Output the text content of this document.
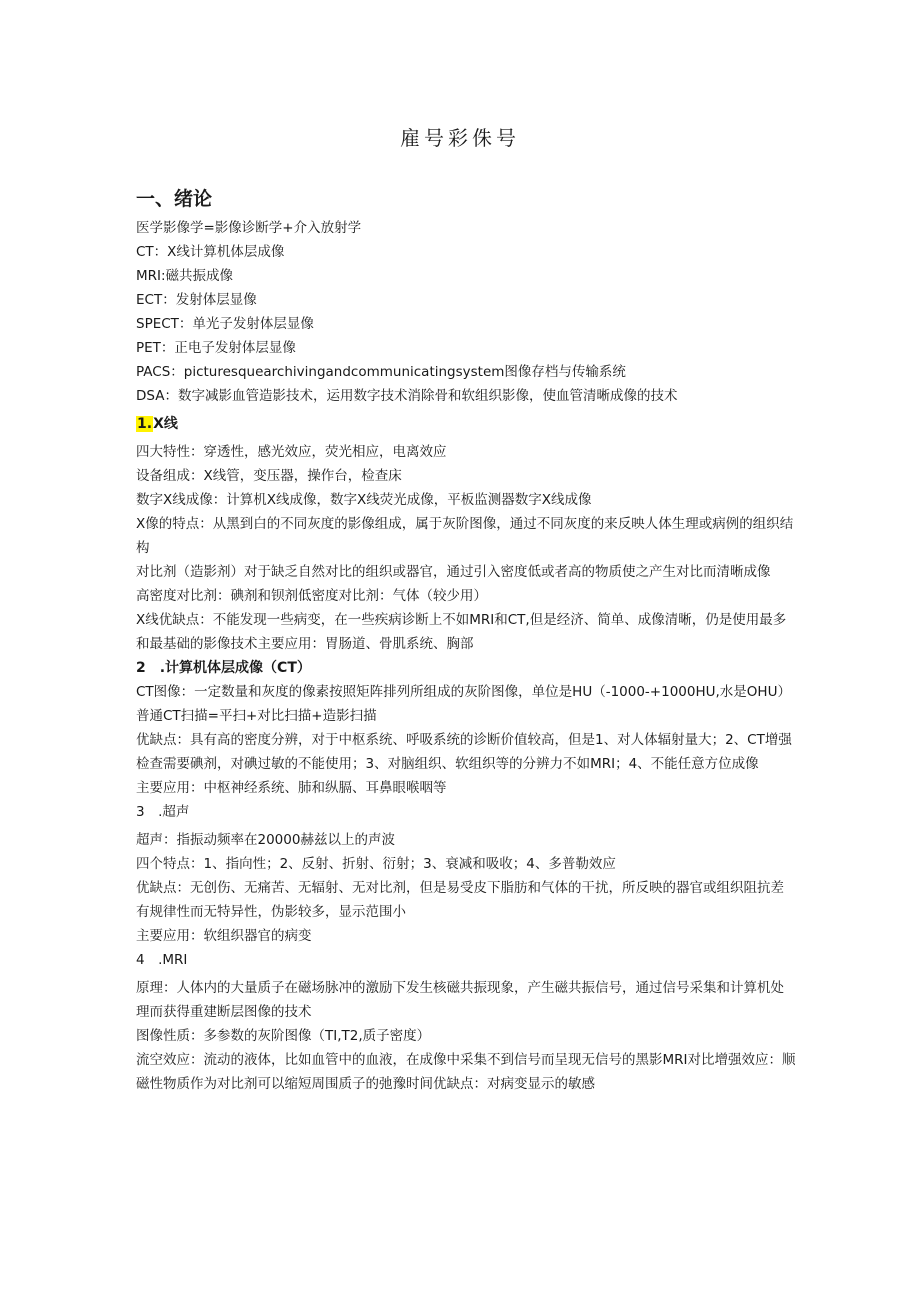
雇号彩侏号

一、绪论

医学影像学=影像诊断学+介入放射学

CT：X线计算机体层成像

MRI:磁共振成像

ECT：发射体层显像

SPECT：单光子发射体层显像

PET：正电子发射体层显像

PACS：picturesquearchivingandcommunicatingsystem图像存档与传输系统

DSA：数字减影血管造影技术，运用数字技术消除骨和软组织影像，使血管清晰成像的技术

1.X线

四大特性：穿透性，感光效应，荧光相应，电离效应

设备组成：X线管，变压器，操作台，检查床

数字X线成像：计算机X线成像，数字X线荧光成像，平板监测器数字X线成像

X像的特点：从黑到白的不同灰度的影像组成，属于灰阶图像，通过不同灰度的来反映人体生理或病例的组织结构

对比剂（造影剂）对于缺乏自然对比的组织或器官，通过引入密度低或者高的物质使之产生对比而清晰成像

高密度对比剂：碘剂和钡剂低密度对比剂：气体（较少用）

X线优缺点：不能发现一些病变，在一些疾病诊断上不如MRI和CT,但是经济、简单、成像清晰，仍是使用最多和最基础的影像技术主要应用：胃肠道、骨肌系统、胸部

2　.计算机体层成像（CT）

CT图像：一定数量和灰度的像素按照矩阵排列所组成的灰阶图像，单位是HU（-1000-+1000HU,水是OHU）

普通CT扫描=平扫+对比扫描+造影扫描

优缺点：具有高的密度分辨，对于中枢系统、呼吸系统的诊断价值较高，但是1、对人体辐射量大；2、CT增强检查需要碘剂，对碘过敏的不能使用；3、对脑组织、软组织等的分辨力不如MRI；4、不能任意方位成像

主要应用：中枢神经系统、肺和纵膈、耳鼻眼喉咽等

3　.超声

超声：指振动频率在20000赫兹以上的声波

四个特点：1、指向性；2、反射、折射、衍射；3、衰减和吸收；4、多普勒效应

优缺点：无创伤、无痛苦、无辐射、无对比剂，但是易受皮下脂肪和气体的干扰，所反映的器官或组织阻抗差有规律性而无特异性，伪影较多，显示范围小

主要应用：软组织器官的病变

4　.MRI

原理：人体内的大量质子在磁场脉冲的激励下发生核磁共振现象，产生磁共振信号，通过信号采集和计算机处理而获得重建断层图像的技术

图像性质：多参数的灰阶图像（TI,T2,质子密度）

流空效应：流动的液体，比如血管中的血液，在成像中采集不到信号而呈现无信号的黑影MRI对比增强效应：顺磁性物质作为对比剂可以缩短周围质子的弛豫时间优缺点：对病变显示的敏感
